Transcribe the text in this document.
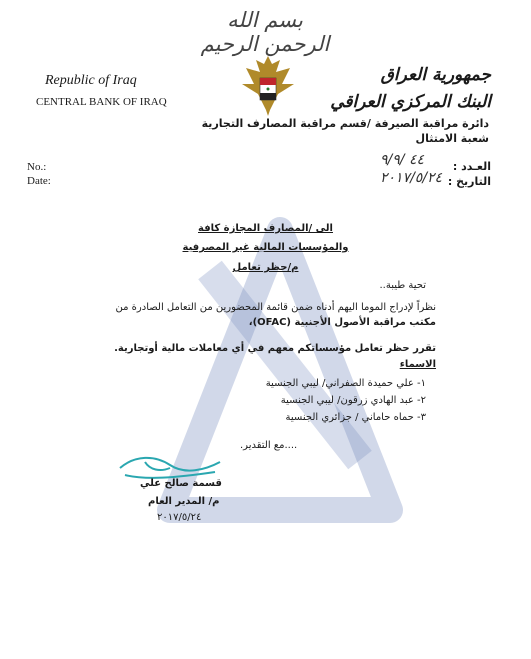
بسم الله الرحمن الرحيم
Republic of Iraq
CENTRAL BANK OF IRAQ
جمهورية العراق
البنك المركزي العراقي
دائرة مراقبة الصيرفة /قسم مراقبة المصارف التجارية
شعبة الامتثال
No.:
Date:
العـدد :
التاريخ :
٤٤ /٩/٩
٢٠١٧/٥/٢٤
الى /المصارف المجازة كافة
والمؤسسات المالية غير المصرفية
م/حظر تعامل
تحية طيبة..
نظراً لإدراج الموما اليهم أدناه ضمن قائمة المحضورين من التعامل الصادرة من
مكتب مراقبة الأصول الأجنبية (OFAC)،
تقرر حظر تعامل مؤسساتكم معهم في أي معاملات مالية أوتجارية.
الاسماء
١- علي حميدة الصفراني/ ليبي الجنسية
٢- عبد الهادي زرقون/ ليبي الجنسية
٣- حماه حاماني / جزائري الجنسية
....مع التقدير.
قسمة صالح علي
م/ المدير العام
٢٠١٧/٥/٢٤
